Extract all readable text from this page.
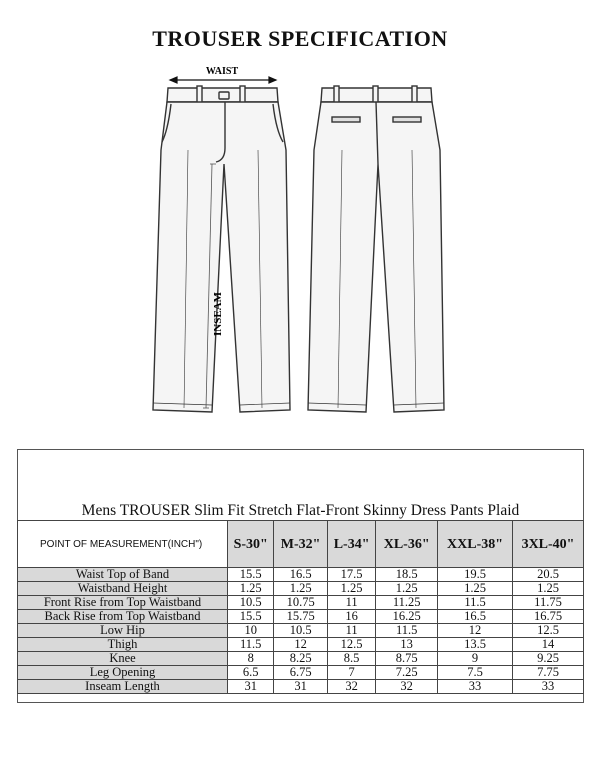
TROUSER SPECIFICATION
WAIST
INSEAM
Mens TROUSER Slim Fit Stretch Flat-Front Skinny Dress Pants Plaid
POINT OF MEASUREMENT(INCH")	S-30"	M-32"	L-34"	XL-36"	XXL-38"	3XL-40"
Waist Top of Band	15.5	16.5	17.5	18.5	19.5	20.5
Waistband Height	1.25	1.25	1.25	1.25	1.25	1.25
Front Rise from Top Waistband	10.5	10.75	11	11.25	11.5	11.75
Back Rise from Top Waistband	15.5	15.75	16	16.25	16.5	16.75
Low Hip	10	10.5	11	11.5	12	12.5
Thigh	11.5	12	12.5	13	13.5	14
Knee	8	8.25	8.5	8.75	9	9.25
Leg Opening	6.5	6.75	7	7.25	7.5	7.75
Inseam Length	31	31	32	32	33	33
